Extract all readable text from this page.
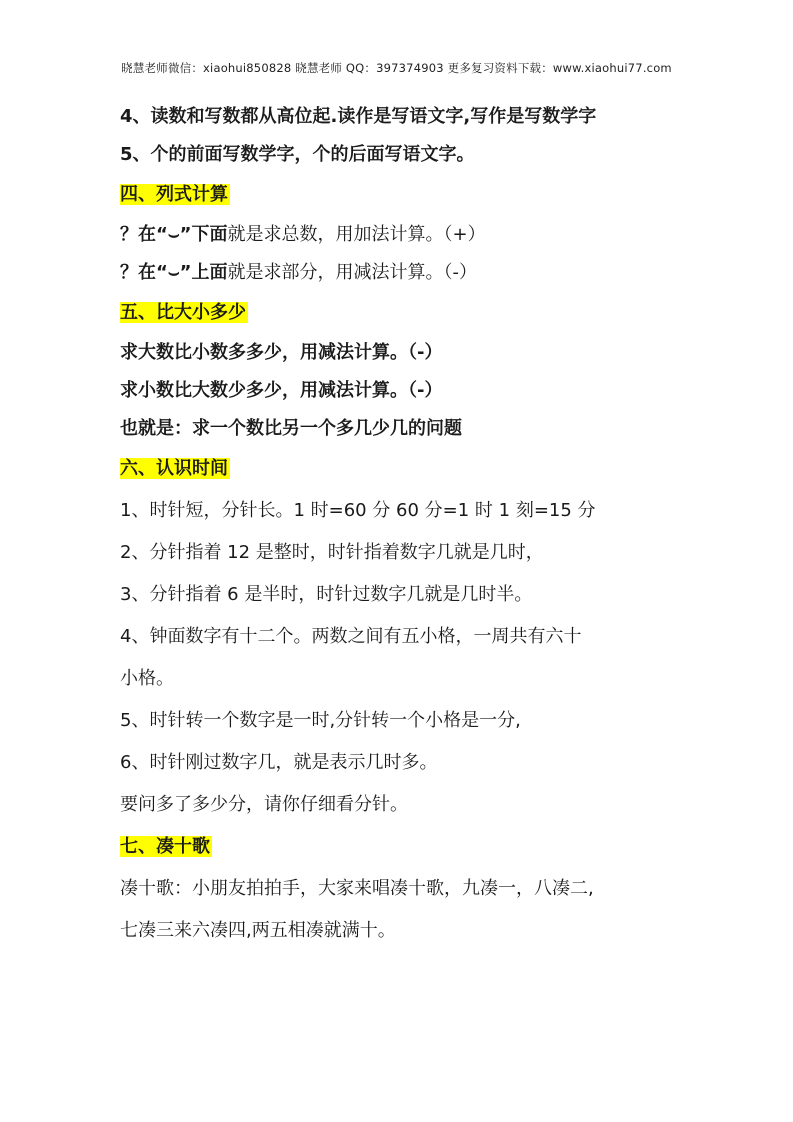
晓慧老师微信：xiaohui850828 晓慧老师 QQ：397374903 更多复习资料下载：www.xiaohui77.com
4、读数和写数都从高位起.读作是写语文字,写作是写数学字
5、个的前面写数学字，个的后面写语文字。
四、列式计算
？在“⌣”下面就是求总数，用加法计算。（+）
？在“⌣”上面就是求部分，用减法计算。（-）
五、比大小多少
求大数比小数多多少，用减法计算。（-）
求小数比大数少多少，用减法计算。（-）
也就是：求一个数比另一个多几少几的问题
六、认识时间
1、时针短，分针长。1 时=60 分 60 分=1 时 1 刻=15 分
2、分针指着 12 是整时，时针指着数字几就是几时，
3、分针指着 6 是半时，时针过数字几就是几时半。
4、钟面数字有十二个。两数之间有五小格，一周共有六十
小格。
5、时针转一个数字是一时,分针转一个小格是一分,
6、时针刚过数字几，就是表示几时多。
要问多了多少分，请你仔细看分针。
七、凑十歌
凑十歌：小朋友拍拍手，大家来唱凑十歌，九凑一，八凑二,
七凑三来六凑四,两五相凑就满十。
